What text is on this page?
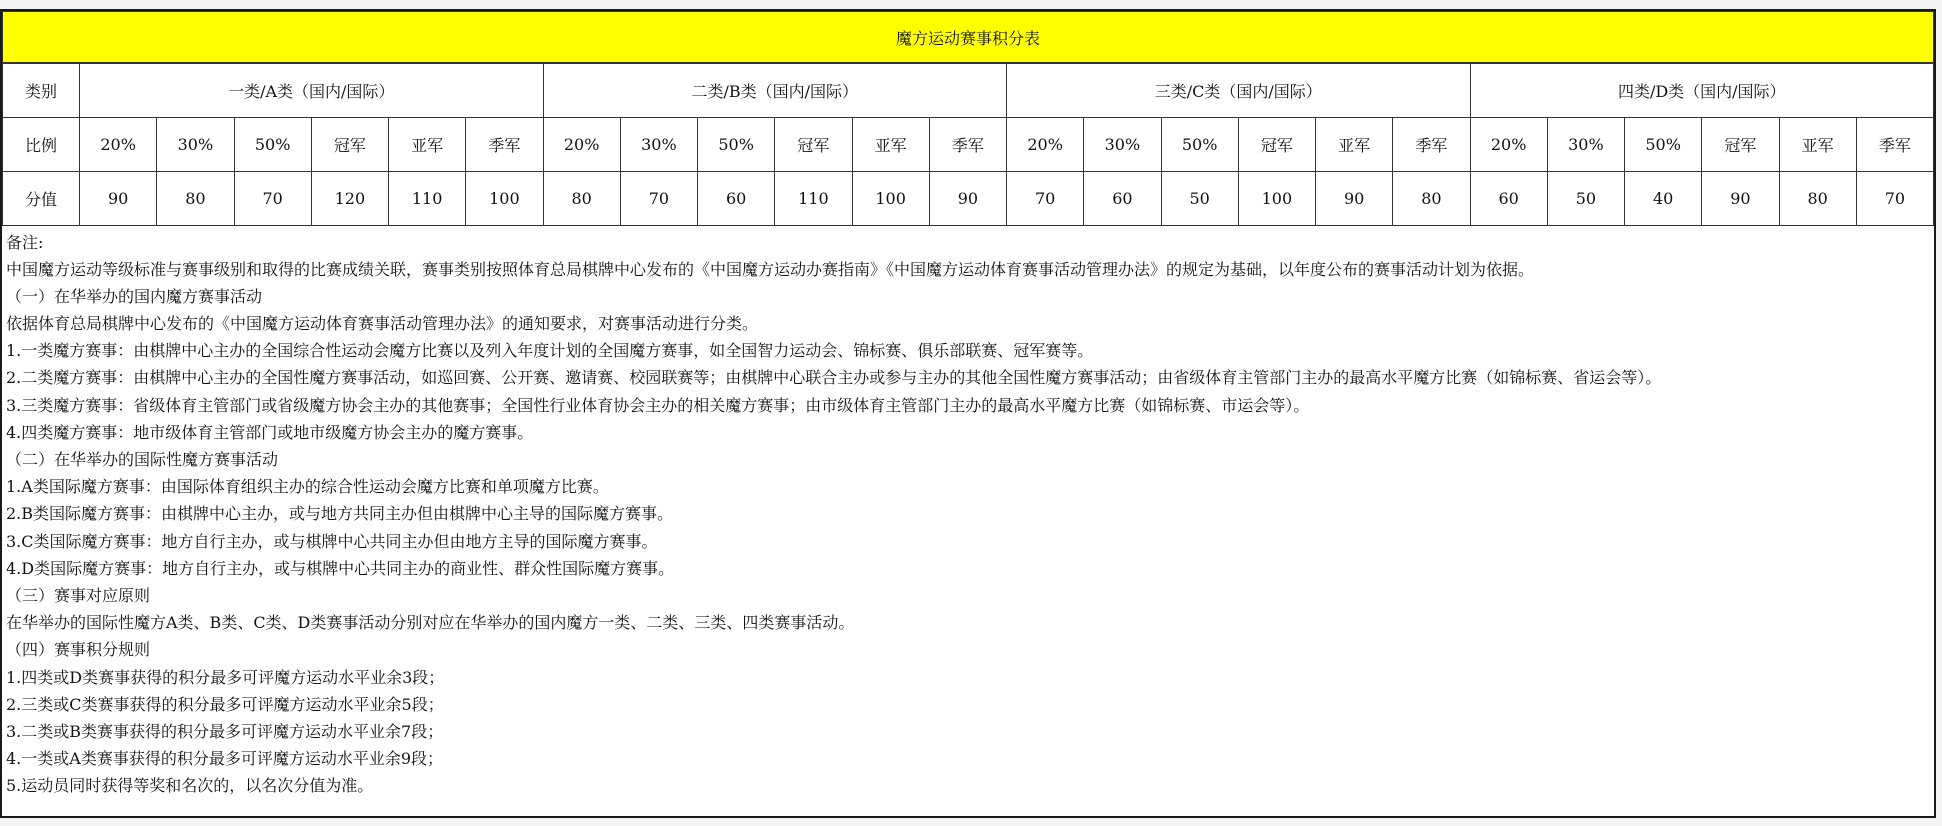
魔方运动赛事积分表																								
类别	一类/A类（国内/国际）						二类/B类（国内/国际）						三类/C类（国内/国际）						四类/D类（国内/国际）					
比例	20%	30%	50%	冠军	亚军	季军	20%	30%	50%	冠军	亚军	季军	20%	30%	50%	冠军	亚军	季军	20%	30%	50%	冠军	亚军	季军
分值	90	80	70	120	110	100	80	70	60	110	100	90	70	60	50	100	90	80	60	50	40	90	80	70
备注:
中国魔方运动等级标准与赛事级别和取得的比赛成绩关联，赛事类别按照体育总局棋牌中心发布的《中国魔方运动办赛指南》《中国魔方运动体育赛事活动管理办法》的规定为基础，以年度公布的赛事活动计划为依据。
（一）在华举办的国内魔方赛事活动
依据体育总局棋牌中心发布的《中国魔方运动体育赛事活动管理办法》的通知要求，对赛事活动进行分类。
1.一类魔方赛事：由棋牌中心主办的全国综合性运动会魔方比赛以及列入年度计划的全国魔方赛事，如全国智力运动会、锦标赛、俱乐部联赛、冠军赛等。
2.二类魔方赛事：由棋牌中心主办的全国性魔方赛事活动，如巡回赛、公开赛、邀请赛、校园联赛等；由棋牌中心联合主办或参与主办的其他全国性魔方赛事活动；由省级体育主管部门主办的最高水平魔方比赛（如锦标赛、省运会等）。
3.三类魔方赛事：省级体育主管部门或省级魔方协会主办的其他赛事；全国性行业体育协会主办的相关魔方赛事；由市级体育主管部门主办的最高水平魔方比赛（如锦标赛、市运会等）。
4.四类魔方赛事：地市级体育主管部门或地市级魔方协会主办的魔方赛事。
（二）在华举办的国际性魔方赛事活动
1.A类国际魔方赛事：由国际体育组织主办的综合性运动会魔方比赛和单项魔方比赛。
2.B类国际魔方赛事：由棋牌中心主办，或与地方共同主办但由棋牌中心主导的国际魔方赛事。
3.C类国际魔方赛事：地方自行主办，或与棋牌中心共同主办但由地方主导的国际魔方赛事。
4.D类国际魔方赛事：地方自行主办，或与棋牌中心共同主办的商业性、群众性国际魔方赛事。
（三）赛事对应原则
在华举办的国际性魔方A类、B类、C类、D类赛事活动分别对应在华举办的国内魔方一类、二类、三类、四类赛事活动。
（四）赛事积分规则
1.四类或D类赛事获得的积分最多可评魔方运动水平业余3段；
2.三类或C类赛事获得的积分最多可评魔方运动水平业余5段；
3.二类或B类赛事获得的积分最多可评魔方运动水平业余7段；
4.一类或A类赛事获得的积分最多可评魔方运动水平业余9段；
5.运动员同时获得等奖和名次的，以名次分值为准。
